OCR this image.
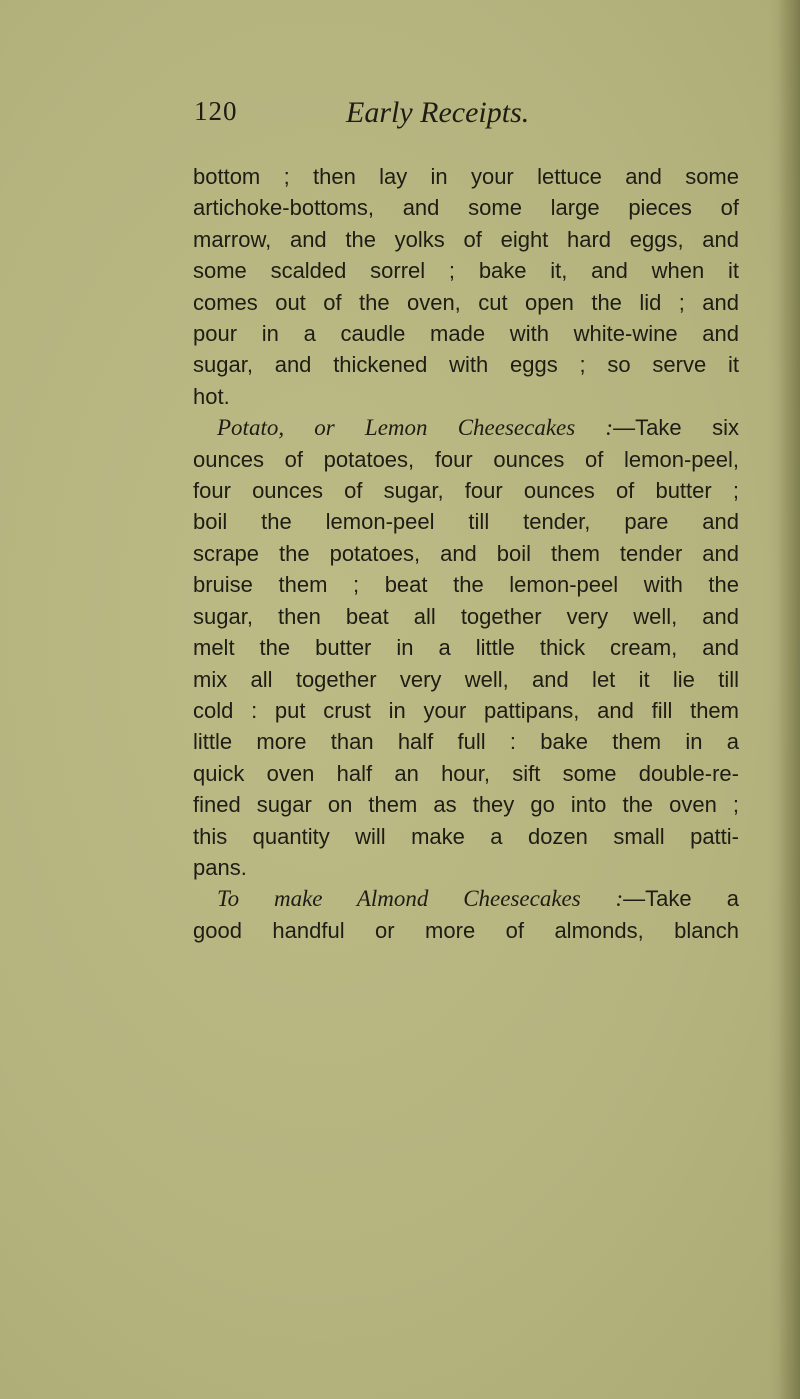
120	Early Receipts.
bottom ; then lay in your lettuce and some
artichoke-bottoms, and some large pieces of
marrow, and the yolks of eight hard eggs, and
some scalded sorrel ; bake it, and when it
comes out of the oven, cut open the lid ; and
pour in a caudle made with white-wine and
sugar, and thickened with eggs ; so serve it
hot.
Potato, or Lemon Cheesecakes :—Take six
ounces of potatoes, four ounces of lemon-peel,
four ounces of sugar, four ounces of butter ;
boil the lemon-peel till tender, pare and
scrape the potatoes, and boil them tender and
bruise them ; beat the lemon-peel with the
sugar, then beat all together very well, and
melt the butter in a little thick cream, and
mix all together very well, and let it lie till
cold : put crust in your pattipans, and fill them
little more than half full : bake them in a
quick oven half an hour, sift some double-re-
fined sugar on them as they go into the oven ;
this quantity will make a dozen small patti-
pans.
To make Almond Cheesecakes :—Take a
good handful or more of almonds, blanch
